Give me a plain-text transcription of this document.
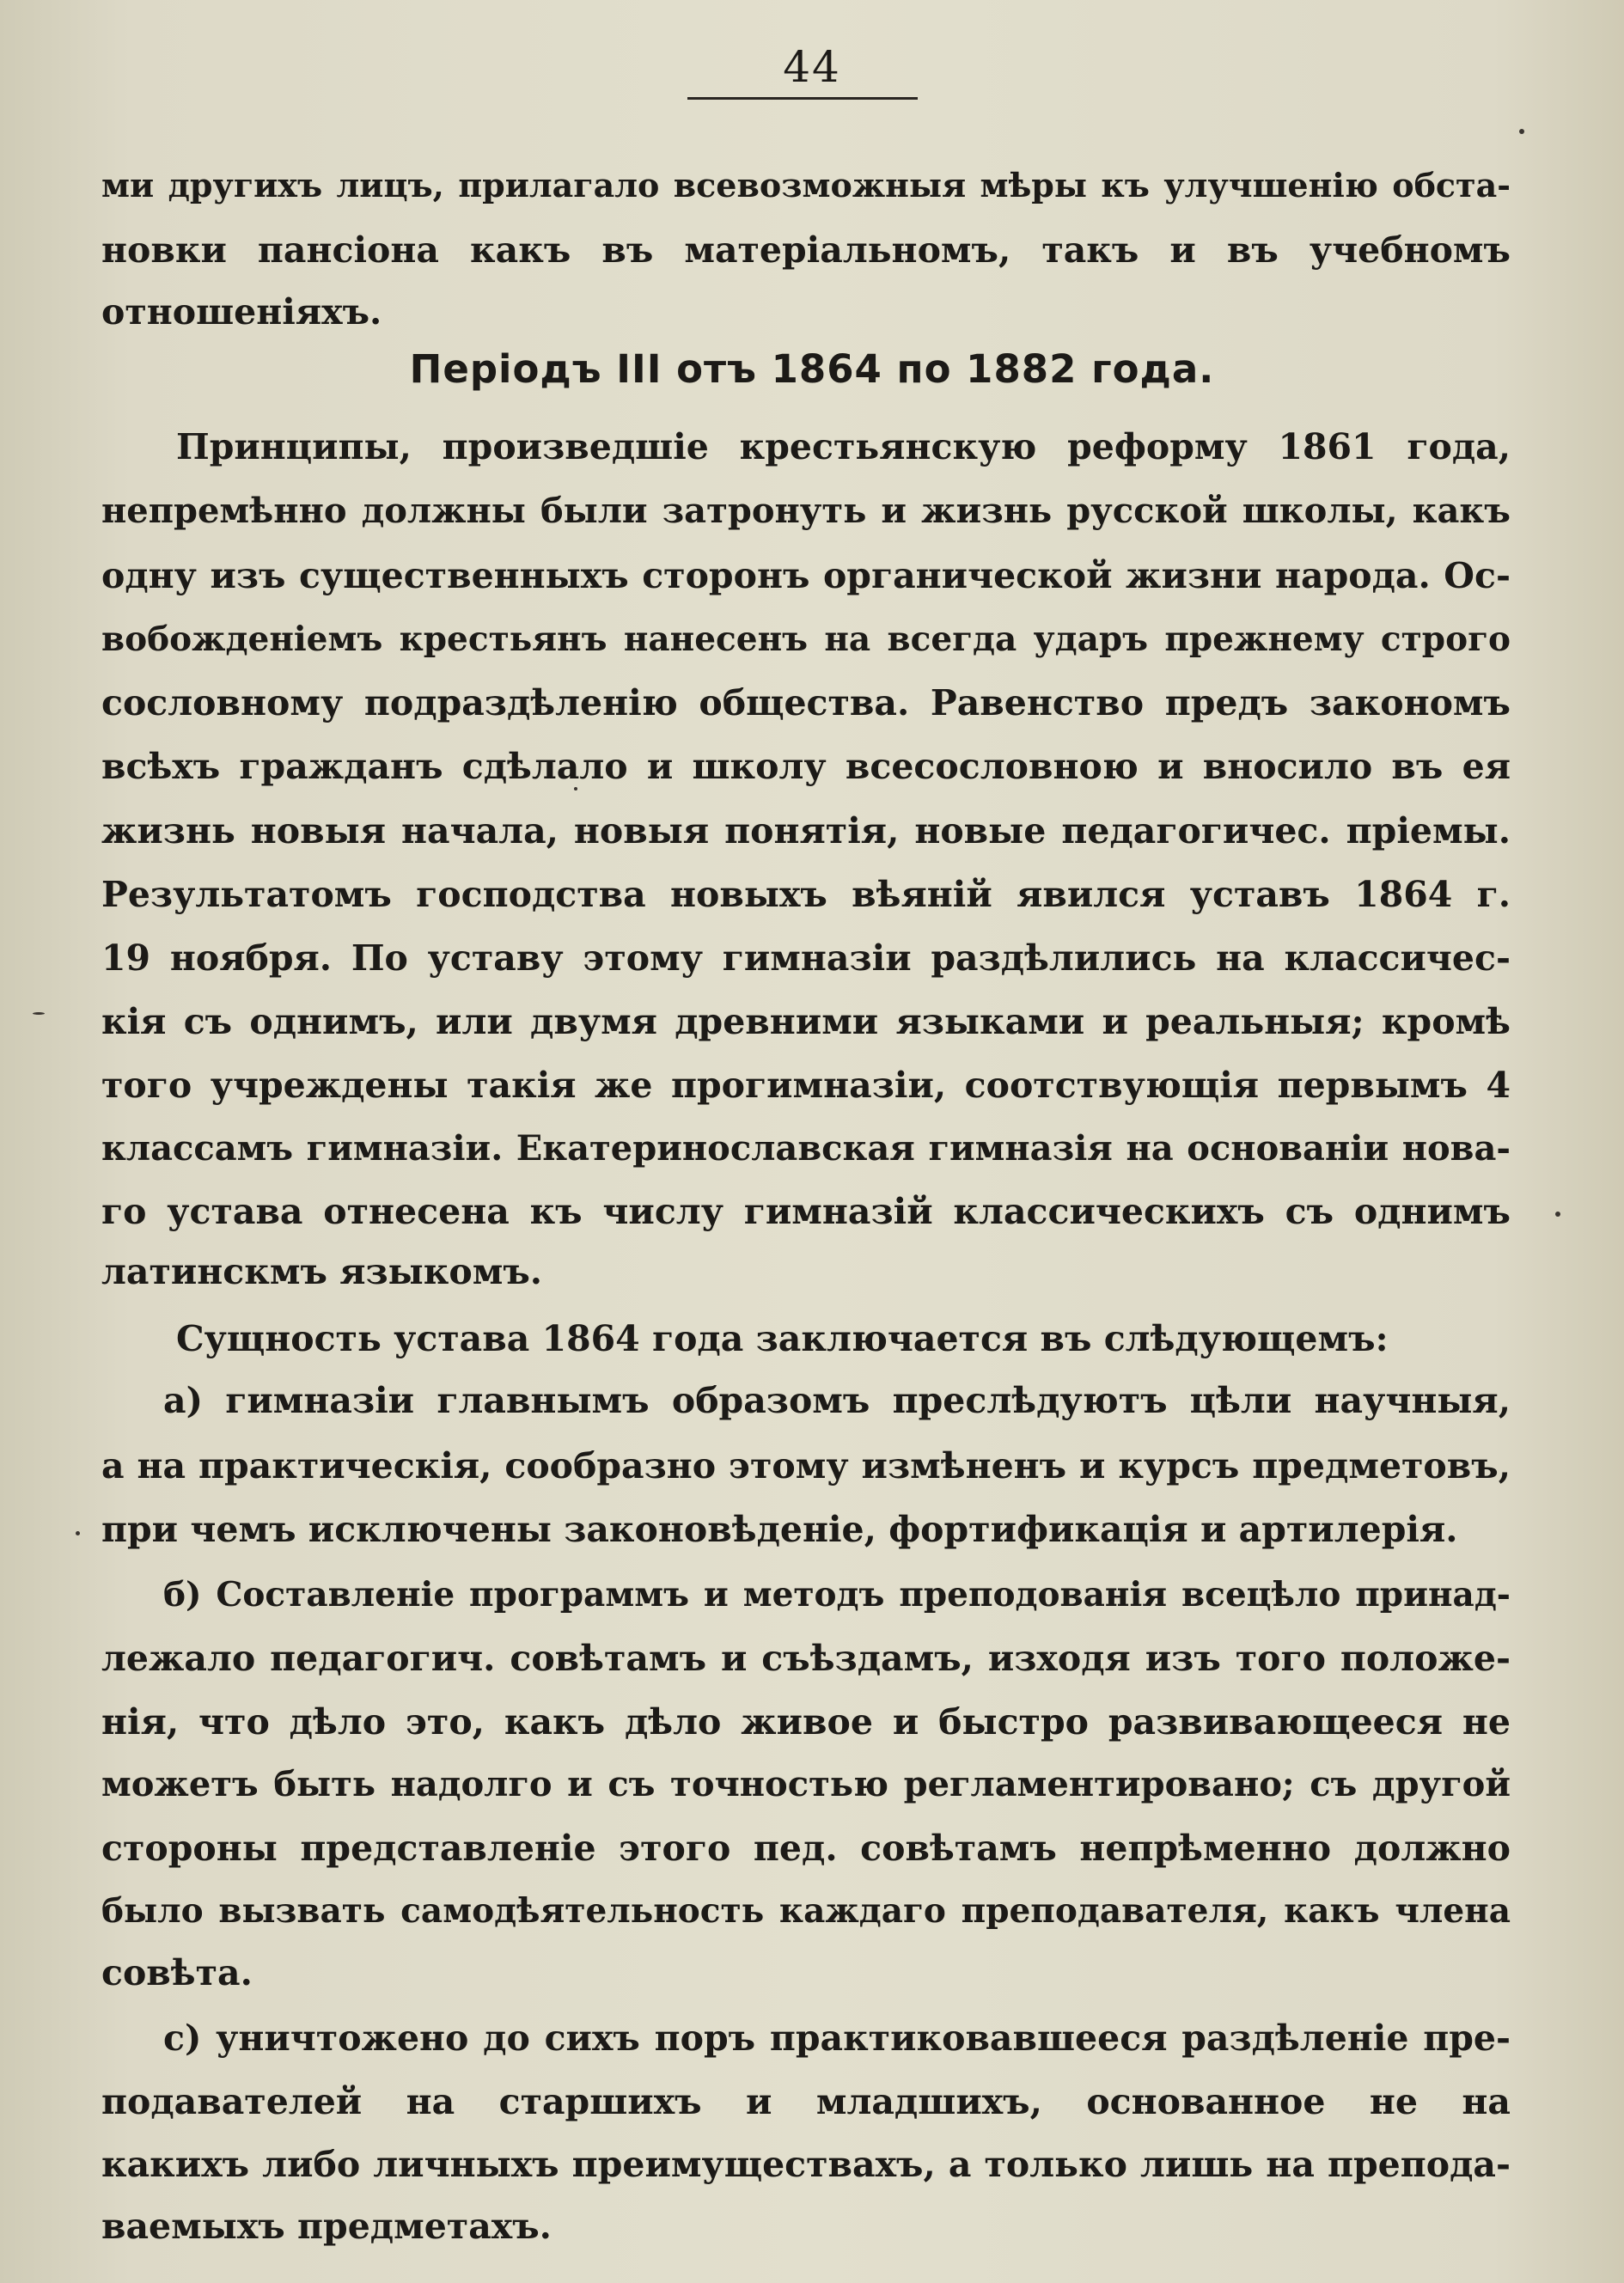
44
ми другихъ лицъ, прилагало всевозможныя мѣры къ улучшенію обста-
новки пансіона какъ въ матеріальномъ, такъ и въ учебномъ
отношеніяхъ.
Періодъ III отъ 1864 по 1882 года.
Принципы, произведшіе крестьянскую реформу 1861 года,
непремѣнно должны были затронуть и жизнь русской школы, какъ
одну изъ существенныхъ сторонъ органической жизни народа. Ос-
вобожденіемъ крестьянъ нанесенъ на всегда ударъ прежнему строго
сословному подраздѣленію общества. Равенство предъ закономъ
всѣхъ гражданъ сдѣлало и школу всесословною и вносило въ ея
жизнь новыя начала, новыя понятія, новые педагогичес. пріемы.
Результатомъ господства новыхъ вѣяній явился уставъ 1864 г.
19 ноября. По уставу этому гимназіи раздѣлились на классичес-
кія съ однимъ, или двумя древними языками и реальныя; кромѣ
того учреждены такія же прогимназіи, соотствующія первымъ 4
классамъ гимназіи. Екатеринославская гимназія на основаніи нова-
го устава отнесена къ числу гимназій классическихъ съ однимъ
латинскмъ языкомъ.
Сущность устава 1864 года заключается въ слѣдующемъ:
а) гимназіи главнымъ образомъ преслѣдуютъ цѣли научныя,
а на практическія, сообразно этому измѣненъ и курсъ предметовъ,
при чемъ исключены законовѣденіе, фортификація и артилерія.
б) Составленіе программъ и методъ преподованія всецѣло принад-
лежало педагогич. совѣтамъ и съѣздамъ, изходя изъ того положе-
нія, что дѣло это, какъ дѣло живое и быстро развивающееся не
можетъ быть надолго и съ точностью регламентировано; съ другой
стороны представленіе этого пед. совѣтамъ непрѣменно должно
было вызвать самодѣятельность каждаго преподавателя, какъ члена
совѣта.
c) уничтожено до сихъ поръ практиковавшееся раздѣленіе пре-
подавателей на старшихъ и младшихъ, основанное не на
какихъ либо личныхъ преимуществахъ, а только лишь на препода-
ваемыхъ предметахъ.
